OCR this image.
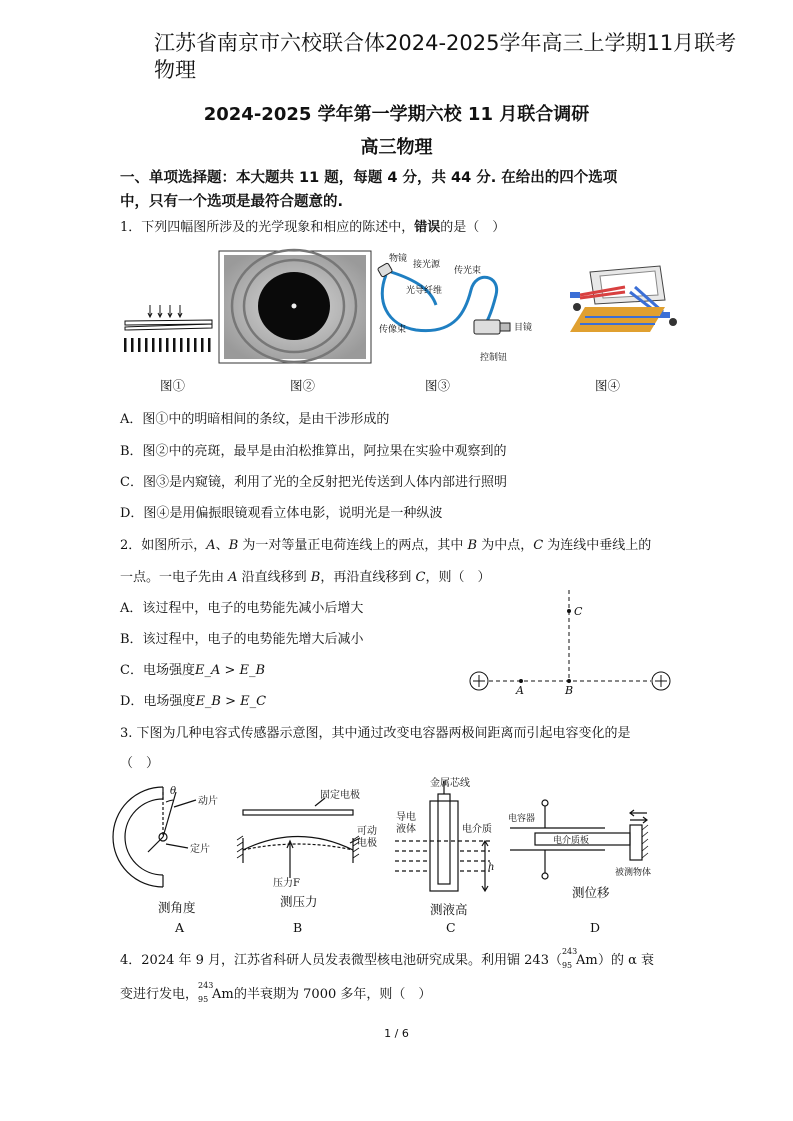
江苏省南京市六校联合体2024-2025学年高三上学期11月联考物理
2024-2025 学年第一学期六校 11 月联合调研
高三物理
一、单项选择题：本大题共 11 题，每题 4 分，共 44 分. 在给出的四个选项
中，只有一个选项是最符合题意的.
1．下列四幅图所涉及的光学现象和相应的陈述中，错误的是（　）
物镜
接光源
传光束
光导纤维
传像束	目镜
控制钮
图①	图②	图③	图④
A．图①中的明暗相间的条纹，是由干涉形成的
B．图②中的亮斑，最早是由泊松推算出，阿拉果在实验中观察到的
C．图③是内窥镜，利用了光的全反射把光传送到人体内部进行照明
D．图④是用偏振眼镜观看立体电影，说明光是一种纵波
2．如图所示，A、B 为一对等量正电荷连线上的两点，其中 B 为中点，C 为连线中垂线上的
一点。一电子先由 A 沿直线移到 B，再沿直线移到 C，则（　）
A．该过程中，电子的电势能先减小后增大
B．该过程中，电子的电势能先增大后减小
C．电场强度E_A > E_B
D．电场强度E_B > E_C
C
A	B
3. 下图为几种电容式传感器示意图，其中通过改变电容器两极间距离而引起电容变化的是
（　）
θ
动片
定片
测角度
A
固定电极
可动
电极
压力F
测压力
B
金属芯线
导电
液体	电介质
h
测液高
C
电容器
电介质板
被测物体
测位移
D
4．2024 年 9 月，江苏省科研人员发表微型核电池研究成果。利用镅 243（
243
95 Am ）的 α 衰
变进行发电，
243
95 Am 的半衰期为 7000 多年，则（　）
1 / 6
